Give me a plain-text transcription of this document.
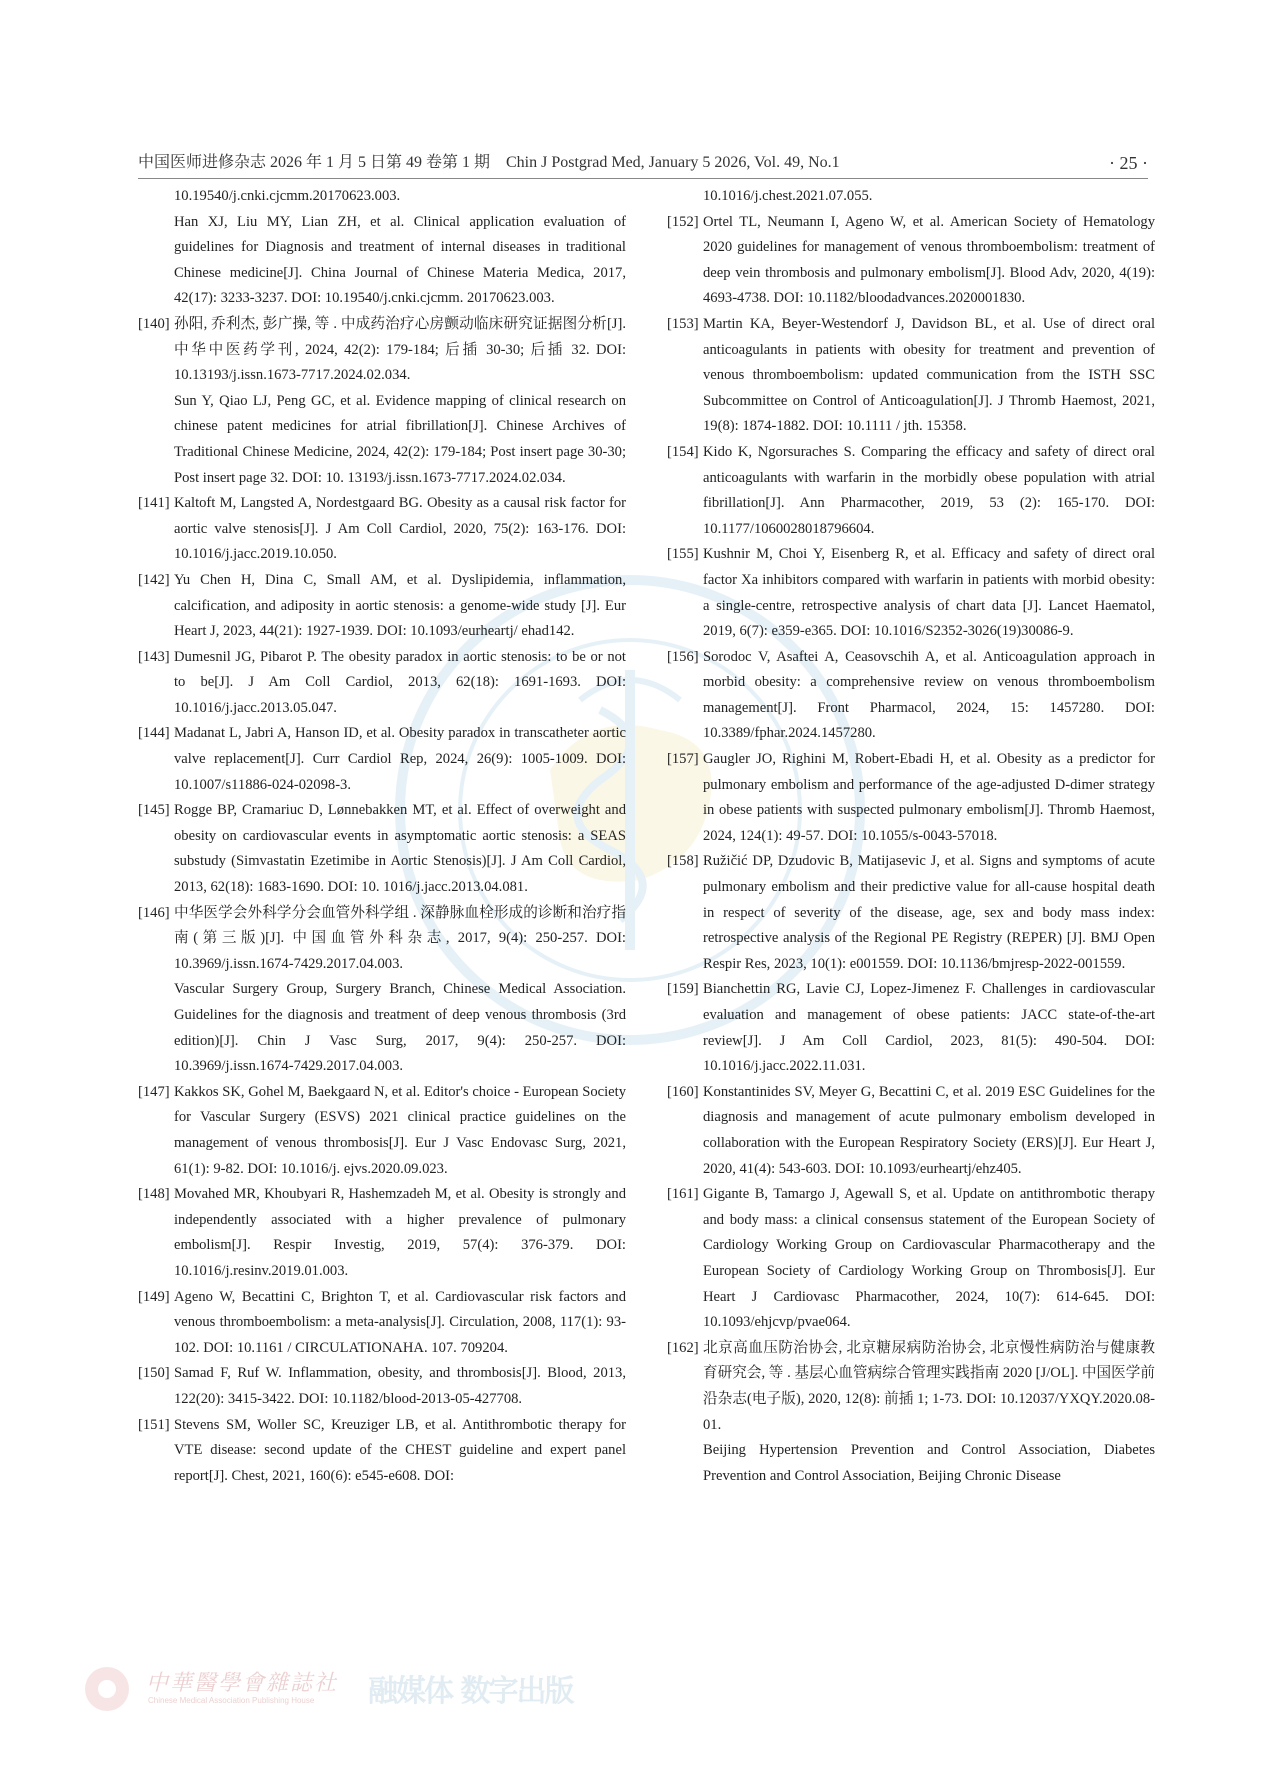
中国医师进修杂志 2026 年 1 月 5 日第 49 卷第 1 期　Chin J Postgrad Med, January 5 2026, Vol. 49, No.1	· 25 ·

10.19540/j.cnki.cjcmm.20170623.003.

Han XJ, Liu MY, Lian ZH, et al. Clinical application evaluation of guidelines for Diagnosis and treatment of internal diseases in traditional Chinese medicine[J]. China Journal of Chinese Materia Medica, 2017, 42(17): 3233-3237. DOI: 10.19540/j.cnki.cjcmm. 20170623.003.

[140] 孙阳, 乔利杰, 彭广操, 等 . 中成药治疗心房颤动临床研究证据图分析[J]. 中华中医药学刊, 2024, 42(2): 179-184; 后插 30-30; 后插 32. DOI: 10.13193/j.issn.1673-7717.2024.02.034.

Sun Y, Qiao LJ, Peng GC, et al. Evidence mapping of clinical research on chinese patent medicines for atrial fibrillation[J]. Chinese Archives of Traditional Chinese Medicine, 2024, 42(2): 179-184; Post insert page 30-30; Post insert page 32. DOI: 10. 13193/j.issn.1673-7717.2024.02.034.

[141] Kaltoft M, Langsted A, Nordestgaard BG. Obesity as a causal risk factor for aortic valve stenosis[J]. J Am Coll Cardiol, 2020, 75(2): 163-176. DOI: 10.1016/j.jacc.2019.10.050.

[142] Yu Chen H, Dina C, Small AM, et al. Dyslipidemia, inflammation, calcification, and adiposity in aortic stenosis: a genome-wide study [J]. Eur Heart J, 2023, 44(21): 1927-1939. DOI: 10.1093/eurheartj/ ehad142.

[143] Dumesnil JG, Pibarot P. The obesity paradox in aortic stenosis: to be or not to be[J]. J Am Coll Cardiol, 2013, 62(18): 1691-1693. DOI: 10.1016/j.jacc.2013.05.047.

[144] Madanat L, Jabri A, Hanson ID, et al. Obesity paradox in transcatheter aortic valve replacement[J]. Curr Cardiol Rep, 2024, 26(9): 1005-1009. DOI: 10.1007/s11886-024-02098-3.

[145] Rogge BP, Cramariuc D, Lønnebakken MT, et al. Effect of overweight and obesity on cardiovascular events in asymptomatic aortic stenosis: a SEAS substudy (Simvastatin Ezetimibe in Aortic Stenosis)[J]. J Am Coll Cardiol, 2013, 62(18): 1683-1690. DOI: 10. 1016/j.jacc.2013.04.081.

[146] 中华医学会外科学分会血管外科学组 . 深静脉血栓形成的诊断和治疗指南(第三版)[J]. 中国血管外科杂志, 2017, 9(4): 250-257. DOI: 10.3969/j.issn.1674-7429.2017.04.003.

Vascular Surgery Group, Surgery Branch, Chinese Medical Association. Guidelines for the diagnosis and treatment of deep venous thrombosis (3rd edition)[J]. Chin J Vasc Surg, 2017, 9(4): 250-257. DOI: 10.3969/j.issn.1674-7429.2017.04.003.

[147] Kakkos SK, Gohel M, Baekgaard N, et al. Editor's choice - European Society for Vascular Surgery (ESVS) 2021 clinical practice guidelines on the management of venous thrombosis[J]. Eur J Vasc Endovasc Surg, 2021, 61(1): 9-82. DOI: 10.1016/j. ejvs.2020.09.023.

[148] Movahed MR, Khoubyari R, Hashemzadeh M, et al. Obesity is strongly and independently associated with a higher prevalence of pulmonary embolism[J]. Respir Investig, 2019, 57(4): 376-379. DOI: 10.1016/j.resinv.2019.01.003.

[149] Ageno W, Becattini C, Brighton T, et al. Cardiovascular risk factors and venous thromboembolism: a meta-analysis[J]. Circulation, 2008, 117(1): 93-102. DOI: 10.1161 / CIRCULATIONAHA. 107. 709204.

[150] Samad F, Ruf W. Inflammation, obesity, and thrombosis[J]. Blood, 2013, 122(20): 3415-3422. DOI: 10.1182/blood-2013-05-427708.

[151] Stevens SM, Woller SC, Kreuziger LB, et al. Antithrombotic therapy for VTE disease: second update of the CHEST guideline and expert panel report[J]. Chest, 2021, 160(6): e545-e608. DOI:

10.1016/j.chest.2021.07.055.

[152] Ortel TL, Neumann I, Ageno W, et al. American Society of Hematology 2020 guidelines for management of venous thromboembolism: treatment of deep vein thrombosis and pulmonary embolism[J]. Blood Adv, 2020, 4(19): 4693-4738. DOI: 10.1182/bloodadvances.2020001830.

[153] Martin KA, Beyer-Westendorf J, Davidson BL, et al. Use of direct oral anticoagulants in patients with obesity for treatment and prevention of venous thromboembolism: updated communication from the ISTH SSC Subcommittee on Control of Anticoagulation[J]. J Thromb Haemost, 2021, 19(8): 1874-1882. DOI: 10.1111 / jth. 15358.

[154] Kido K, Ngorsuraches S. Comparing the efficacy and safety of direct oral anticoagulants with warfarin in the morbidly obese population with atrial fibrillation[J]. Ann Pharmacother, 2019, 53 (2): 165-170. DOI: 10.1177/1060028018796604.

[155] Kushnir M, Choi Y, Eisenberg R, et al. Efficacy and safety of direct oral factor Xa inhibitors compared with warfarin in patients with morbid obesity: a single-centre, retrospective analysis of chart data [J]. Lancet Haematol, 2019, 6(7): e359-e365. DOI: 10.1016/S2352-3026(19)30086-9.

[156] Sorodoc V, Asaftei A, Ceasovschih A, et al. Anticoagulation approach in morbid obesity: a comprehensive review on venous thromboembolism management[J]. Front Pharmacol, 2024, 15: 1457280. DOI: 10.3389/fphar.2024.1457280.

[157] Gaugler JO, Righini M, Robert-Ebadi H, et al. Obesity as a predictor for pulmonary embolism and performance of the age-adjusted D-dimer strategy in obese patients with suspected pulmonary embolism[J]. Thromb Haemost, 2024, 124(1): 49-57. DOI: 10.1055/s-0043-57018.

[158] Ružičić DP, Dzudovic B, Matijasevic J, et al. Signs and symptoms of acute pulmonary embolism and their predictive value for all-cause hospital death in respect of severity of the disease, age, sex and body mass index: retrospective analysis of the Regional PE Registry (REPER) [J]. BMJ Open Respir Res, 2023, 10(1): e001559. DOI: 10.1136/bmjresp-2022-001559.

[159] Bianchettin RG, Lavie CJ, Lopez-Jimenez F. Challenges in cardiovascular evaluation and management of obese patients: JACC state-of-the-art review[J]. J Am Coll Cardiol, 2023, 81(5): 490-504. DOI: 10.1016/j.jacc.2022.11.031.

[160] Konstantinides SV, Meyer G, Becattini C, et al. 2019 ESC Guidelines for the diagnosis and management of acute pulmonary embolism developed in collaboration with the European Respiratory Society (ERS)[J]. Eur Heart J, 2020, 41(4): 543-603. DOI: 10.1093/eurheartj/ehz405.

[161] Gigante B, Tamargo J, Agewall S, et al. Update on antithrombotic therapy and body mass: a clinical consensus statement of the European Society of Cardiology Working Group on Cardiovascular Pharmacotherapy and the European Society of Cardiology Working Group on Thrombosis[J]. Eur Heart J Cardiovasc Pharmacother, 2024, 10(7): 614-645. DOI: 10.1093/ehjcvp/pvae064.

[162] 北京高血压防治协会, 北京糖尿病防治协会, 北京慢性病防治与健康教育研究会, 等 . 基层心血管病综合管理实践指南 2020 [J/OL]. 中国医学前沿杂志(电子版), 2020, 12(8): 前插 1; 1-73. DOI: 10.12037/YXQY.2020.08-01.

Beijing Hypertension Prevention and Control Association, Diabetes Prevention and Control Association, Beijing Chronic Disease

中華醫學會雜誌社
Chinese Medical Association Publishing House 融媒体 数字出版
